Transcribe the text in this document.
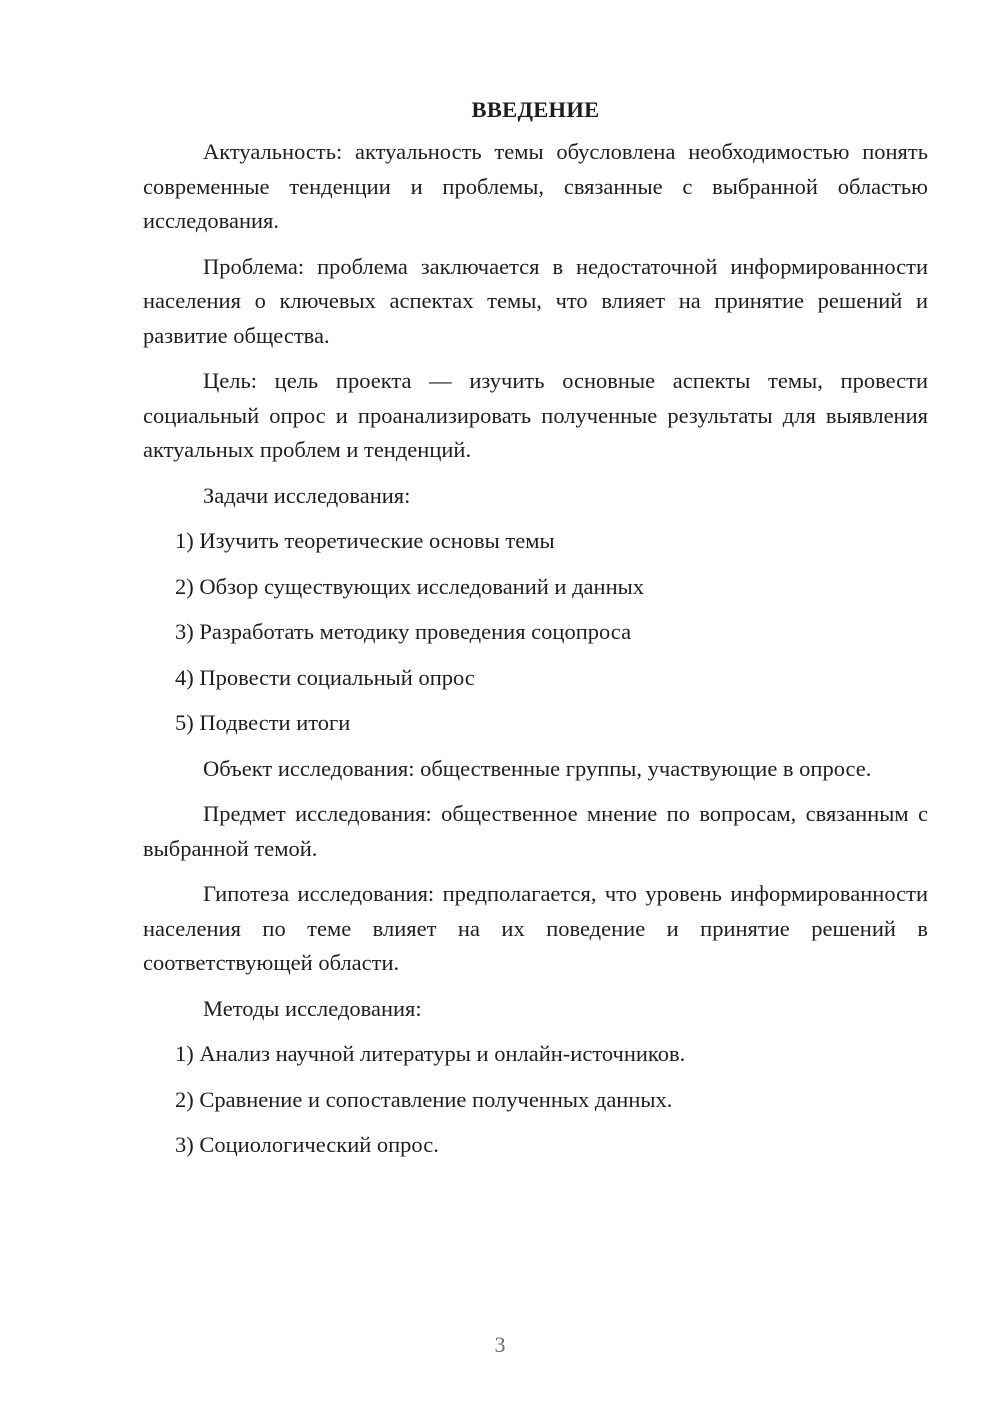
ВВЕДЕНИЕ

Актуальность: актуальность темы обусловлена необходимостью понять современные тенденции и проблемы, связанные с выбранной областью исследования.

Проблема: проблема заключается в недостаточной информированности населения о ключевых аспектах темы, что влияет на принятие решений и развитие общества.

Цель: цель проекта — изучить основные аспекты темы, провести социальный опрос и проанализировать полученные результаты для выявления актуальных проблем и тенденций.

Задачи исследования:

1) Изучить теоретические основы темы

2) Обзор существующих исследований и данных

3) Разработать методику проведения соцопроса

4) Провести социальный опрос

5) Подвести итоги

Объект исследования: общественные группы, участвующие в опросе.

Предмет исследования: общественное мнение по вопросам, связанным с выбранной темой.

Гипотеза исследования: предполагается, что уровень информированности населения по теме влияет на их поведение и принятие решений в соответствующей области.

Методы исследования:

1) Анализ научной литературы и онлайн-источников.

2) Сравнение и сопоставление полученных данных.

3) Социологический опрос.

3
